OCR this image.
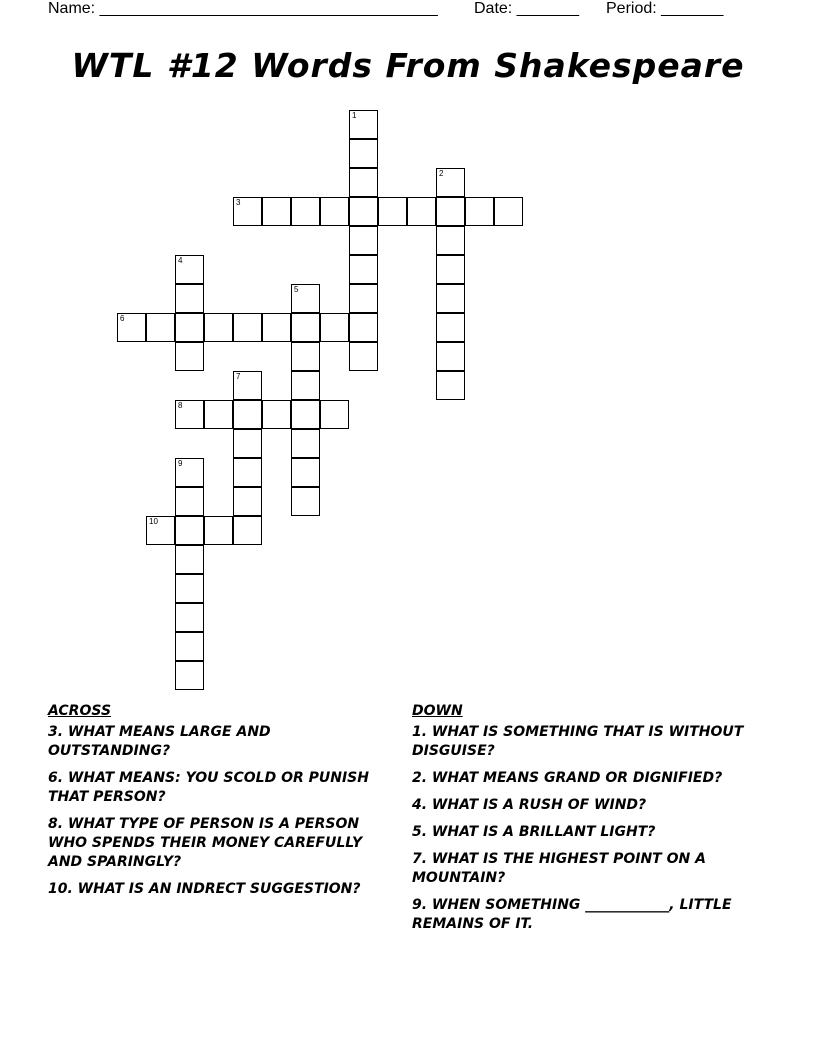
Name: ______________________________________ Date: _______ Period: _______
WTL #12 Words From Shakespeare
1
2
3
4
5
6
7
8
9
10
ACROSS
3. WHAT MEANS LARGE AND OUTSTANDING?
6. WHAT MEANS: YOU SCOLD OR PUNISH THAT PERSON?
8. WHAT TYPE OF PERSON IS A PERSON WHO SPENDS THEIR MONEY CAREFULLY AND SPARINGLY?
10. WHAT IS AN INDRECT SUGGESTION?
DOWN
1. WHAT IS SOMETHING THAT IS WITHOUT DISGUISE?
2. WHAT MEANS GRAND OR DIGNIFIED?
4. WHAT IS A RUSH OF WIND?
5. WHAT IS A BRILLANT LIGHT?
7. WHAT IS THE HIGHEST POINT ON A MOUNTAIN?
9. WHEN SOMETHING ____________, LITTLE REMAINS OF IT.
